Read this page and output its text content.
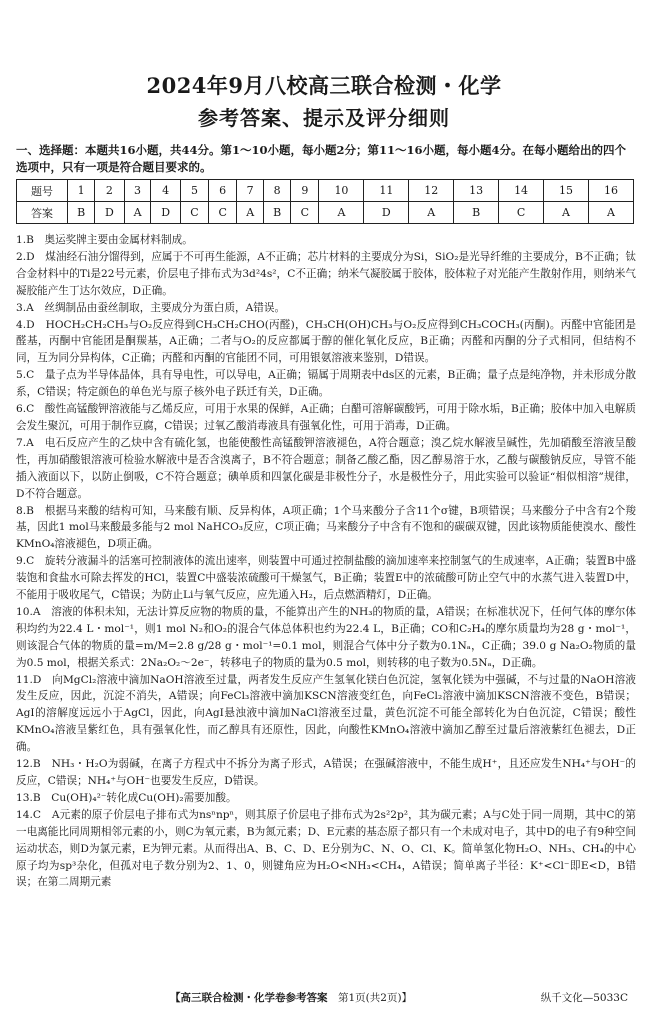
2024年9月八校高三联合检测・化学
参考答案、提示及评分细则
一、选择题：本题共16小题，共44分。第1～10小题，每小题2分；第11～16小题，每小题4分。在每小题给出的四个选项中，只有一项是符合题目要求的。
题号	1	2	3	4	5	6	7	8	9	10	11	12	13	14	15	16
答案	B	D	A	D	C	C	A	B	C	A	D	A	B	C	A	A

1.B　奥运奖牌主要由金属材料制成。

2.D　煤油经石油分馏得到，应属于不可再生能源，A不正确；芯片材料的主要成分为Si，SiO₂是光导纤维的主要成分，B不正确；钛合金材料中的Ti是22号元素，价层电子排布式为3d²4s²，C不正确；纳米气凝胶属于胶体，胶体粒子对光能产生散射作用，则纳米气凝胶能产生丁达尔效应，D正确。

3.A　丝绸制品由蚕丝制取，主要成分为蛋白质，A错误。

4.D　HOCH₂CH₂CH₃与O₂反应得到CH₃CH₂CHO(丙醛)，CH₃CH(OH)CH₃与O₂反应得到CH₃COCH₃(丙酮)。丙醛中官能团是醛基，丙酮中官能团是酮羰基，A正确；二者与O₂的反应都属于醇的催化氧化反应，B正确；丙醛和丙酮的分子式相同，但结构不同，互为同分异构体，C正确；丙醛和丙酮的官能团不同，可用银氨溶液来鉴别，D错误。

5.C　量子点为半导体晶体，具有导电性，可以导电，A正确；镉属于周期表中ds区的元素，B正确；量子点是纯净物，并未形成分散系，C错误；特定颜色的单色光与原子核外电子跃迁有关，D正确。

6.C　酸性高锰酸钾溶液能与乙烯反应，可用于水果的保鲜，A正确；白醋可溶解碳酸钙，可用于除水垢，B正确；胶体中加入电解质会发生聚沉，可用于制作豆腐，C错误；过氧乙酸消毒液具有强氧化性，可用于消毒，D正确。

7.A　电石反应产生的乙炔中含有硫化氢，也能使酸性高锰酸钾溶液褪色，A符合题意；溴乙烷水解液呈碱性，先加硝酸至溶液呈酸性，再加硝酸银溶液可检验水解液中是否含溴离子，B不符合题意；制备乙酸乙酯，因乙醇易溶于水，乙酸与碳酸钠反应，导管不能插入液面以下，以防止倒吸，C不符合题意；碘单质和四氯化碳是非极性分子，水是极性分子，用此实验可以验证“相似相溶”规律，D不符合题意。

8.B　根据马来酸的结构可知，马来酸有顺、反异构体，A项正确；1个马来酸分子含11个σ键，B项错误；马来酸分子中含有2个羧基，因此1 mol马来酸最多能与2 mol NaHCO₃反应，C项正确；马来酸分子中含有不饱和的碳碳双键，因此该物质能使溴水、酸性KMnO₄溶液褪色，D项正确。

9.C　旋转分液漏斗的活塞可控制液体的流出速率，则装置中可通过控制盐酸的滴加速率来控制氢气的生成速率，A正确；装置B中盛装饱和食盐水可除去挥发的HCl，装置C中盛装浓硫酸可干燥氢气，B正确；装置E中的浓硫酸可防止空气中的水蒸气进入装置D中，不能用于吸收尾气，C错误；为防止Li与氧气反应，应先通入H₂，后点燃酒精灯，D正确。

10.A　溶液的体积未知，无法计算反应物的物质的量，不能算出产生的NH₃的物质的量，A错误；在标准状况下，任何气体的摩尔体积均约为22.4 L・mol⁻¹，则1 mol N₂和O₂的混合气体总体积也约为22.4 L，B正确；CO和C₂H₄的摩尔质量均为28 g・mol⁻¹，则该混合气体的物质的量=m/M=2.8 g/28 g・mol⁻¹=0.1 mol，则混合气体中分子数为0.1Nₐ，C正确；39.0 g Na₂O₂物质的量为0.5 mol，根据关系式：2Na₂O₂～2e⁻，转移电子的物质的量为0.5 mol，则转移的电子数为0.5Nₐ，D正确。

11.D　向MgCl₂溶液中滴加NaOH溶液至过量，两者发生反应产生氢氧化镁白色沉淀，氢氧化镁为中强碱，不与过量的NaOH溶液发生反应，因此，沉淀不消失，A错误；向FeCl₃溶液中滴加KSCN溶液变红色，向FeCl₂溶液中滴加KSCN溶液不变色，B错误；AgI的溶解度远远小于AgCl，因此，向AgI悬浊液中滴加NaCl溶液至过量，黄色沉淀不可能全部转化为白色沉淀，C错误；酸性KMnO₄溶液呈紫红色，具有强氧化性，而乙醇具有还原性，因此，向酸性KMnO₄溶液中滴加乙醇至过量后溶液紫红色褪去，D正确。

12.B　NH₃・H₂O为弱碱，在离子方程式中不拆分为离子形式，A错误；在强碱溶液中，不能生成H⁺，且还应发生NH₄⁺与OH⁻的反应，C错误；NH₄⁺与OH⁻也要发生反应，D错误。

13.B　Cu(OH)₄²⁻转化成Cu(OH)₂需要加酸。

14.C　A元素的原子价层电子排布式为nsⁿnpⁿ，则其原子价层电子排布式为2s²2p²，其为碳元素；A与C处于同一周期，其中C的第一电离能比同周期相邻元素的小，则C为氧元素，B为氮元素；D、E元素的基态原子都只有一个未成对电子，其中D的电子有9种空间运动状态，则D为氯元素，E为钾元素。从而得出A、B、C、D、E分别为C、N、O、Cl、K。简单氢化物H₂O、NH₃、CH₄的中心原子均为sp³杂化，但孤对电子数分别为2、1、0，则键角应为H₂O<NH₃<CH₄，A错误；简单离子半径：K⁺<Cl⁻即E<D，B错误；在第二周期元素

【高三联合检测・化学卷参考答案　 第1页(共2页)】	纵千文化—5033C
